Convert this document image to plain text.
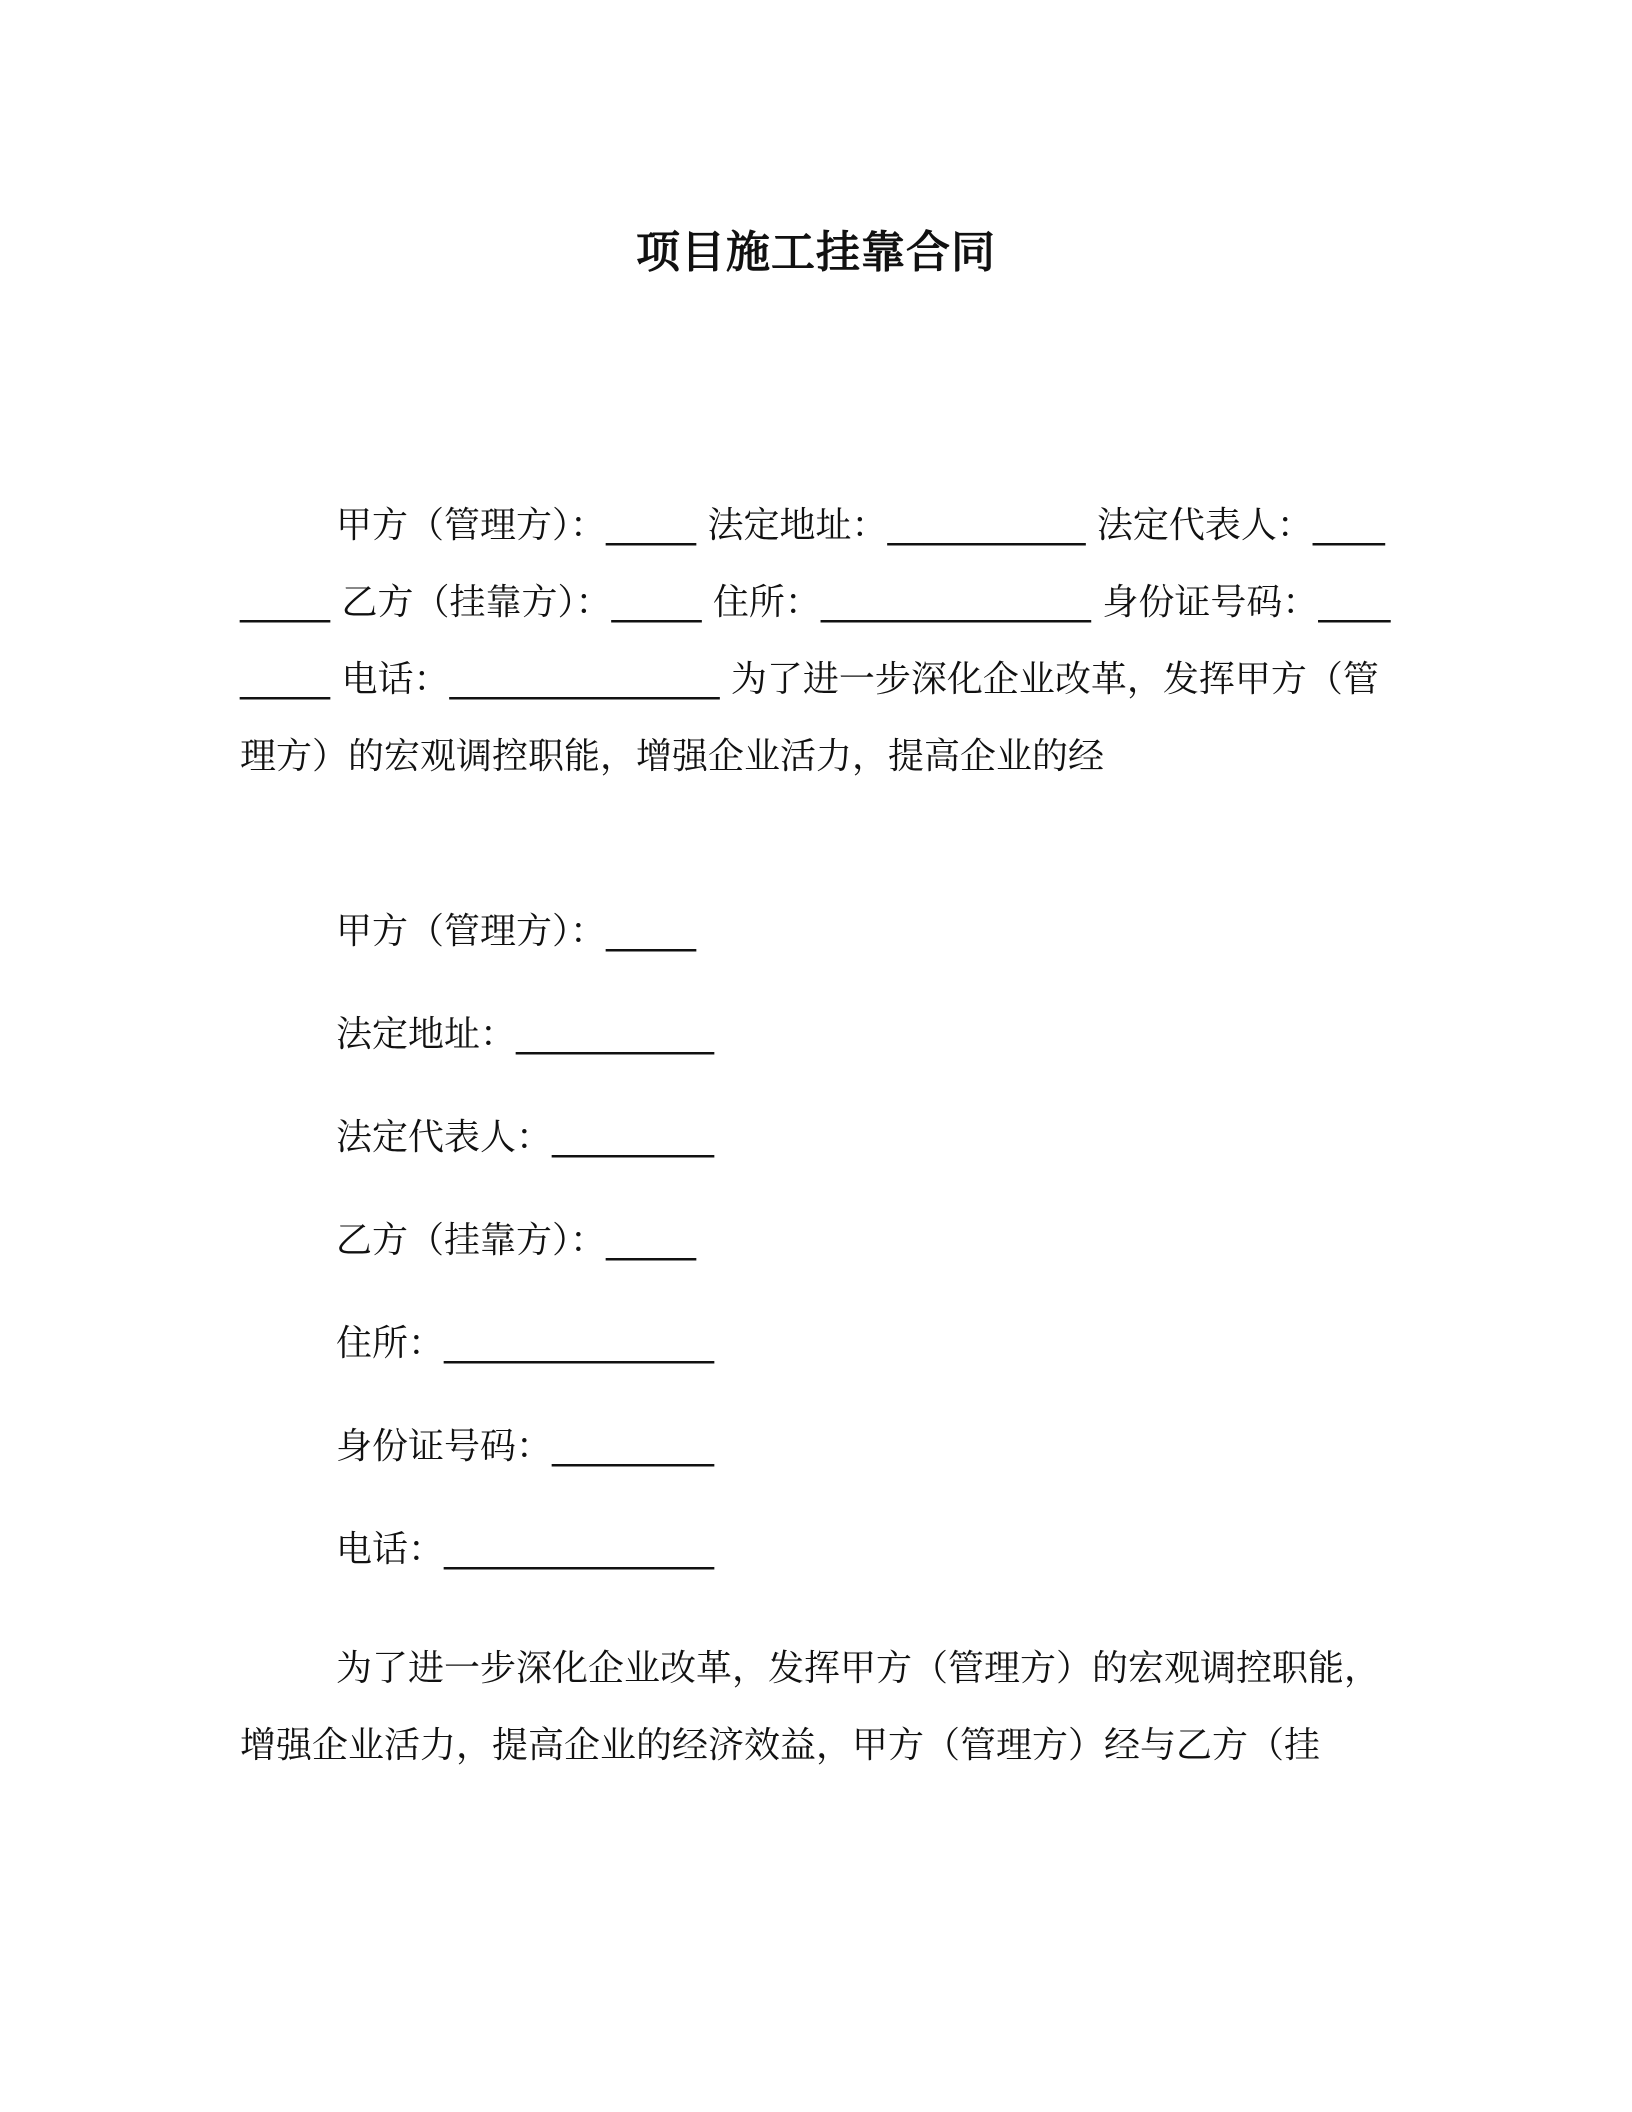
项目施工挂靠合同
甲方（管理方）：_____ 法定地址：___________ 法定代表人：_________ 乙方（挂靠方）：_____ 住所：_______________ 身份证号码：_________ 电话：_______________ 为了进一步深化企业改革，发挥甲方（管理方）的宏观调控职能，增强企业活力，提高企业的经
甲方（管理方）：_____
法定地址：___________
法定代表人：_________
乙方（挂靠方）：_____
住所：_______________
身份证号码：_________
电话：_______________
为了进一步深化企业改革，发挥甲方（管理方）的宏观调控职能，增强企业活力，提高企业的经济效益，甲方（管理方）经与乙方（挂
